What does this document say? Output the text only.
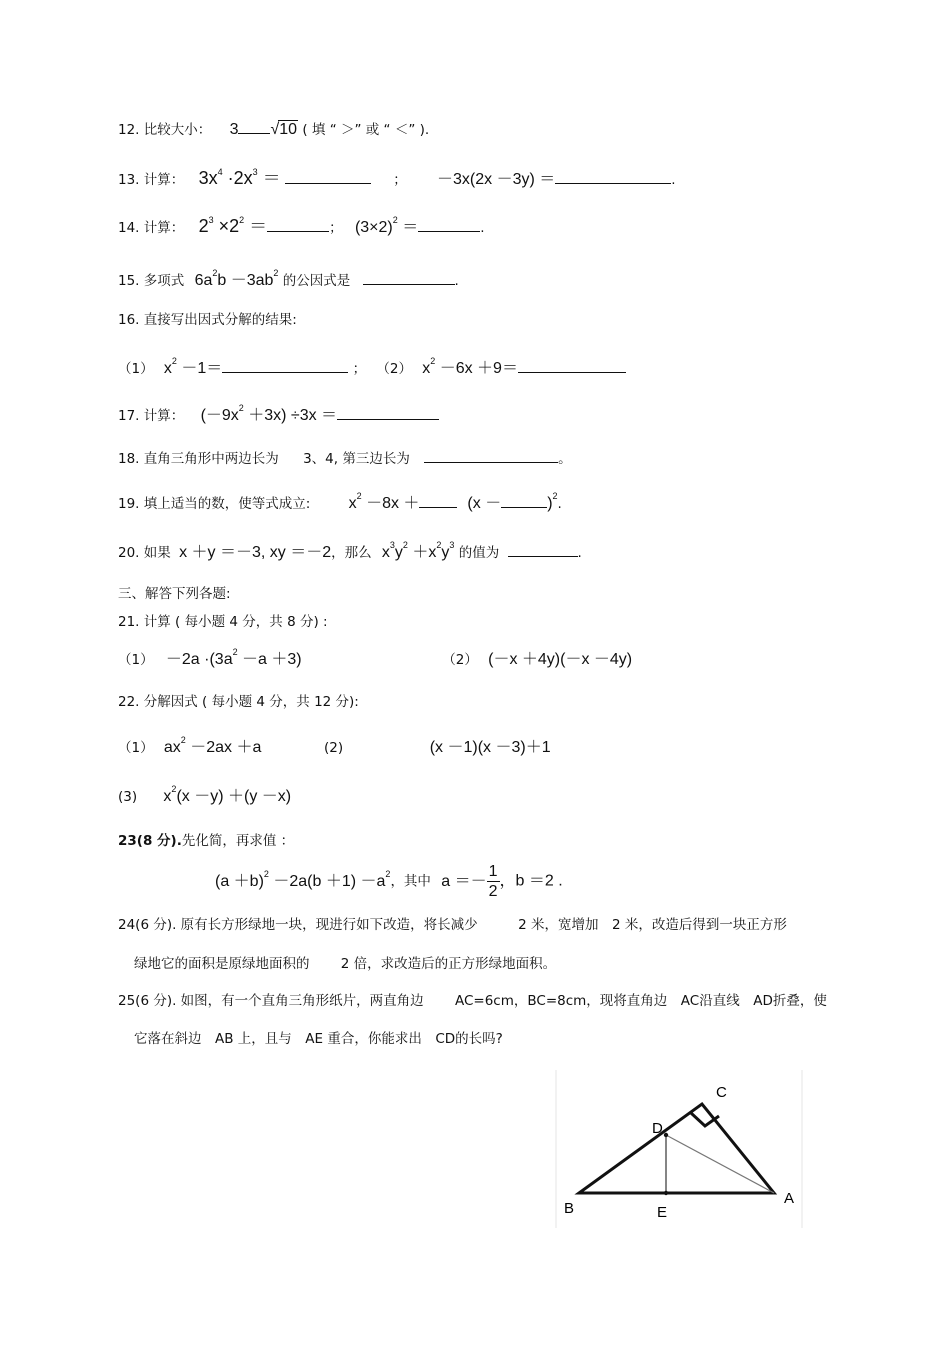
12. 比较大小： 3 √10 ( 填 “ ＞” 或 “ ＜” ).
13. 计算： $3x^4 \cdot 2x^3$ ＝	； －3x(2x －3y) ＝	.
14. 计算： $2^3 \times 2^2$ ＝	； $(3\times 2)^2$ ＝	.
15. 多项式 $6a^2b -3ab^2$ 的公因式是	.
16. 直接写出因式分解的结果:
（1） $x^2 -1=$	； （2） $x^2 -6x +9=$
17. 计算： $(-9x^2 +3x) \div 3x$ ＝
18. 直角三角形中两边长为 3、4, 第三边长为	。
19. 填上适当的数，使等式成立: $x^2 -8x$ ＋	(x －	)$^2$.
20. 如果 x ＋y ＝－3, xy ＝－2，那么 $x^3y^2 +x^2y^3$ 的值为	.
三、解答下列各题:
21. 计算 ( 每小题 4 分，共 8 分) :
$(1) -2a \cdot(3a^2 -a +3)$	（2） (－x ＋4y)(－x －4y)
22. 分解因式 ( 每小题 4 分，共 12 分):
（1） $ax^2 -2ax +a$	(2)	(x －1)(x －3)＋1
(3) $x^2(x -y) +(y -x)$
23(8 分).先化简，再求值 ：
$(a +b)^2 -2a(b +1) -a^2$，其中 $a =- \frac{1}{2}$ ，b ＝2 .
24(6 分). 原有长方形绿地一块，现进行如下改造，将长减少　　　2 米，宽增加　2 米，改造后得到一块正方形
绿地它的面积是原绿地面积的　　 2 倍，求改造后的正方形绿地面积。
25(6 分). 如图，有一个直角三角形纸片，两直角边　　 AC=6cm，BC=8cm，现将直角边　AC沿直线　AD折叠，使
它落在斜边　AB 上，且与　AE 重合，你能求出　CD的长吗?
C
D
B	E
A
